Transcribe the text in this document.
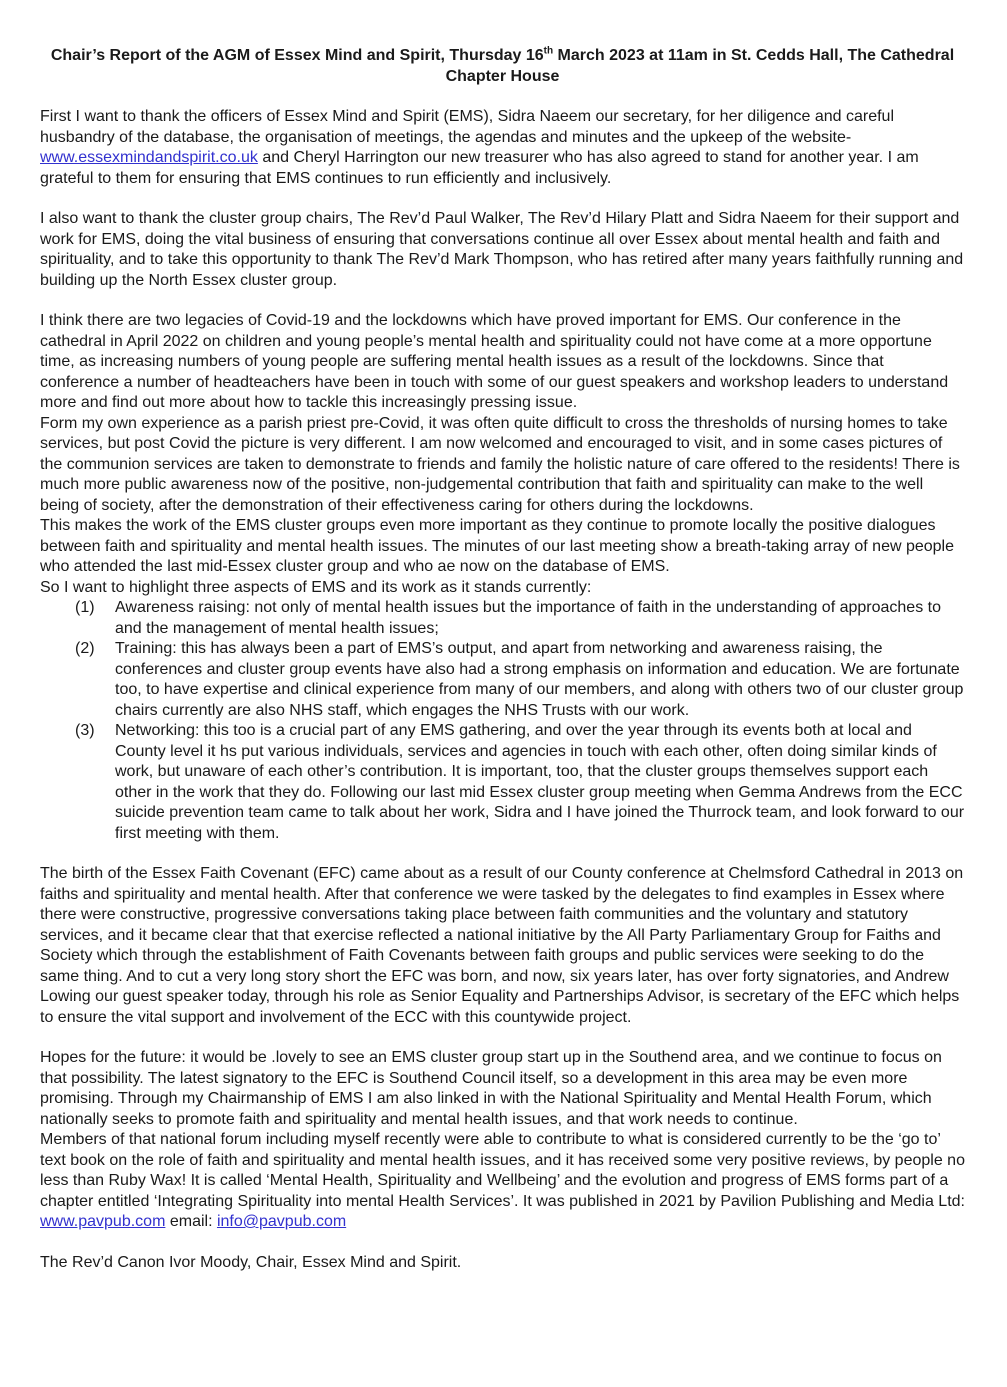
Chair’s Report of the AGM of Essex Mind and Spirit, Thursday 16th March 2023 at 11am in St. Cedds Hall, The Cathedral Chapter House

First I want to thank the officers of Essex Mind and Spirit (EMS), Sidra Naeem our secretary, for her diligence and careful husbandry of the database, the organisation of meetings, the agendas and minutes and the upkeep of the website- www.essexmindandspirit.co.uk and Cheryl Harrington our new treasurer who has also agreed to stand for another year. I am grateful to them for ensuring that EMS continues to run efficiently and inclusively.

I also want to thank the cluster group chairs, The Rev’d Paul Walker, The Rev’d Hilary Platt and Sidra Naeem for their support and work for EMS, doing the vital business of ensuring that conversations continue all over Essex about mental health and faith and spirituality, and to take this opportunity to thank The Rev’d Mark Thompson, who has retired after many years faithfully running and building up the North Essex cluster group.

I think there are two legacies of Covid-19 and the lockdowns which have proved important for EMS. Our conference in the cathedral in April 2022 on children and young people’s mental health and spirituality could not have come at a more opportune time, as increasing numbers of young people are suffering mental health issues as a result of the lockdowns. Since that conference a number of headteachers have been in touch with some of our guest speakers and workshop leaders to understand more and find out more about how to tackle this increasingly pressing issue.

Form my own experience as a parish priest pre-Covid, it was often quite difficult to cross the thresholds of nursing homes to take services, but post Covid the picture is very different. I am now welcomed and encouraged to visit, and in some cases pictures of the communion services are taken to demonstrate to friends and family the holistic nature of care offered to the residents! There is much more public awareness now of the positive, non-judgemental contribution that faith and spirituality can make to the well being of society, after the demonstration of their effectiveness caring for others during the lockdowns.

This makes the work of the EMS cluster groups even more important as they continue to promote locally the positive dialogues between faith and spirituality and mental health issues. The minutes of our last meeting show a breath-taking array of new people who attended the last mid-Essex cluster group and who ae now on the database of EMS.

So I want to highlight three aspects of EMS and its work as it stands currently:

(1)	Awareness raising: not only of mental health issues but the importance of faith in the understanding of approaches to and the management of mental health issues;
(2)	Training: this has always been a part of EMS’s output, and apart from networking and awareness raising, the conferences and cluster group events have also had a strong emphasis on information and education. We are fortunate too, to have expertise and clinical experience from many of our members, and along with others two of our cluster group chairs currently are also NHS staff, which engages the NHS Trusts with our work.
(3)	Networking: this too is a crucial part of any EMS gathering, and over the year through its events both at local and County level it hs put various individuals, services and agencies in touch with each other, often doing similar kinds of work, but unaware of each other’s contribution. It is important, too, that the cluster groups themselves support each other in the work that they do. Following our last mid Essex cluster group meeting when Gemma Andrews from the ECC suicide prevention team came to talk about her work, Sidra and I have joined the Thurrock team, and look forward to our first meeting with them.

The birth of the Essex Faith Covenant (EFC) came about as a result of our County conference at Chelmsford Cathedral in 2013 on faiths and spirituality and mental health. After that conference we were tasked by the delegates to find examples in Essex where there were constructive, progressive conversations taking place between faith communities and the voluntary and statutory services, and it became clear that that exercise reflected a national initiative by the All Party Parliamentary Group for Faiths and Society which through the establishment of Faith Covenants between faith groups and public services were seeking to do the same thing. And to cut a very long story short the EFC was born, and now, six years later, has over forty signatories, and Andrew Lowing our guest speaker today, through his role as Senior Equality and Partnerships Advisor, is secretary of the EFC which helps to ensure the vital support and involvement of the ECC with this countywide project.

Hopes for the future: it would be .lovely to see an EMS cluster group start up in the Southend area, and we continue to focus on that possibility. The latest signatory to the EFC is Southend Council itself, so a development in this area may be even more promising. Through my Chairmanship of EMS I am also linked in with the National Spirituality and Mental Health Forum, which nationally seeks to promote faith and spirituality and mental health issues, and that work needs to continue.

Members of that national forum including myself recently were able to contribute to what is considered currently to be the ‘go to’ text book on the role of faith and spirituality and mental health issues, and it has received some very positive reviews, by people no less than Ruby Wax! It is called ‘Mental Health, Spirituality and Wellbeing’ and the evolution and progress of EMS forms part of a chapter entitled ‘Integrating Spirituality into mental Health Services’. It was published in 2021 by Pavilion Publishing and Media Ltd: www.pavpub.com email: info@pavpub.com

The Rev’d Canon Ivor Moody, Chair, Essex Mind and Spirit.
